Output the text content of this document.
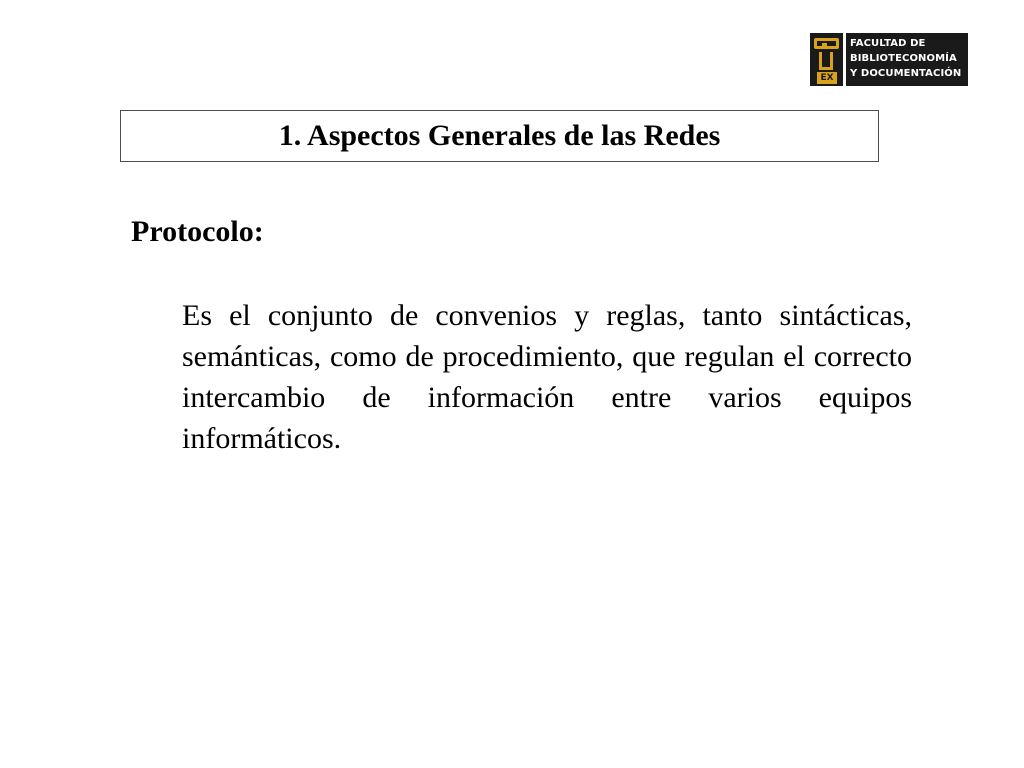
EX
FACULTAD DE
BIBLIOTECONOMÍA
Y DOCUMENTACIÓN
1. Aspectos Generales de las Redes
Protocolo:

Es el conjunto de convenios y reglas, tanto sintácticas, semánticas, como de procedimiento, que regulan el correcto intercambio de información entre varios equipos informáticos.
